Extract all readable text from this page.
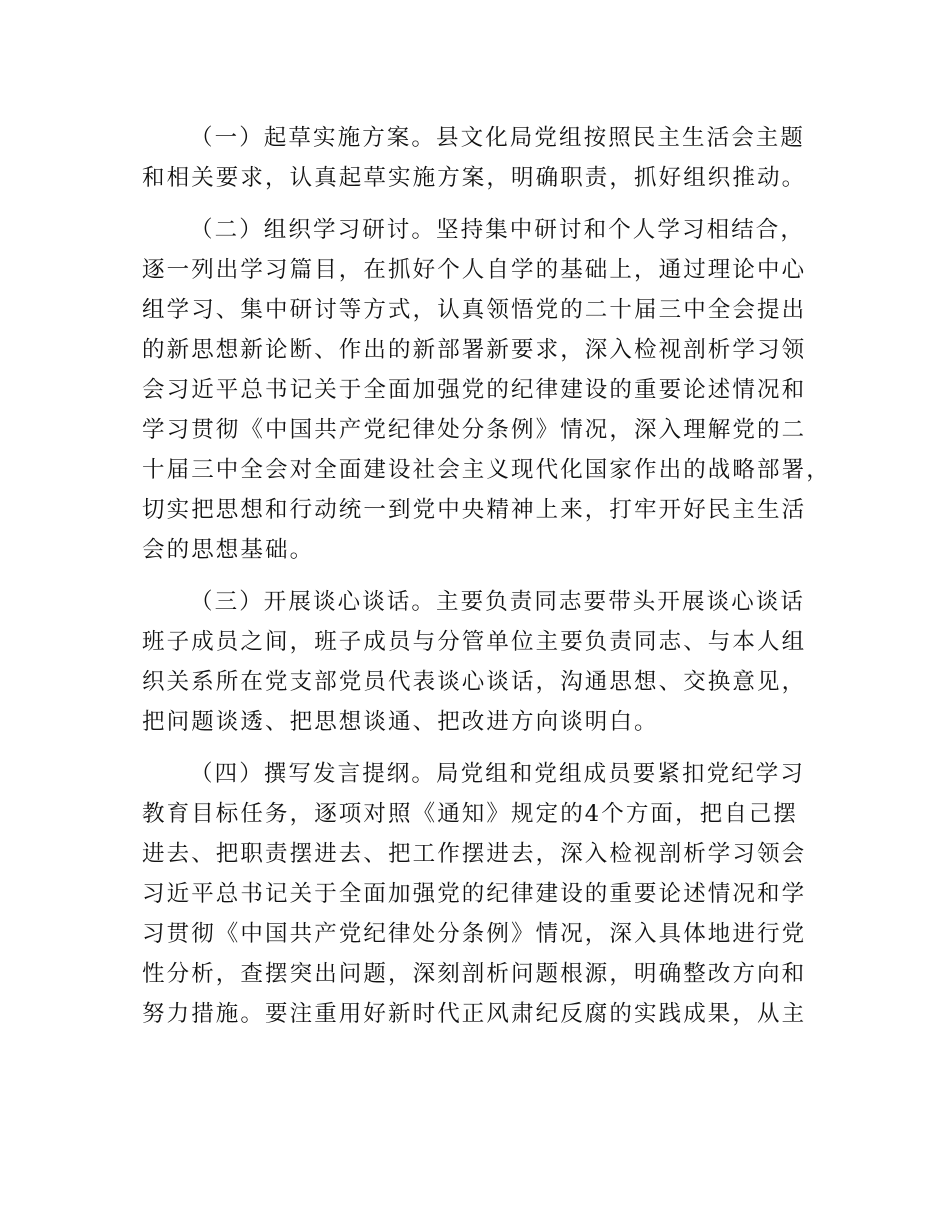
（一）起草实施方案。县文化局党组按照民主生活会主题
和相关要求，认真起草实施方案，明确职责，抓好组织推动。
（二）组织学习研讨。坚持集中研讨和个人学习相结合，
逐一列出学习篇目，在抓好个人自学的基础上，通过理论中心
组学习、集中研讨等方式，认真领悟党的二十届三中全会提出
的新思想新论断、作出的新部署新要求，深入检视剖析学习领
会习近平总书记关于全面加强党的纪律建设的重要论述情况和
学习贯彻《中国共产党纪律处分条例》情况，深入理解党的二
十届三中全会对全面建设社会主义现代化国家作出的战略部署，
切实把思想和行动统一到党中央精神上来，打牢开好民主生活
会的思想基础。
（三）开展谈心谈话。主要负责同志要带头开展谈心谈话
班子成员之间，班子成员与分管单位主要负责同志、与本人组
织关系所在党支部党员代表谈心谈话，沟通思想、交换意见，
把问题谈透、把思想谈通、把改进方向谈明白。
（四）撰写发言提纲。局党组和党组成员要紧扣党纪学习
教育目标任务，逐项对照《通知》规定的4个方面，把自己摆
进去、把职责摆进去、把工作摆进去，深入检视剖析学习领会
习近平总书记关于全面加强党的纪律建设的重要论述情况和学
习贯彻《中国共产党纪律处分条例》情况，深入具体地进行党
性分析，查摆突出问题，深刻剖析问题根源，明确整改方向和
努力措施。要注重用好新时代正风肃纪反腐的实践成果，从主
